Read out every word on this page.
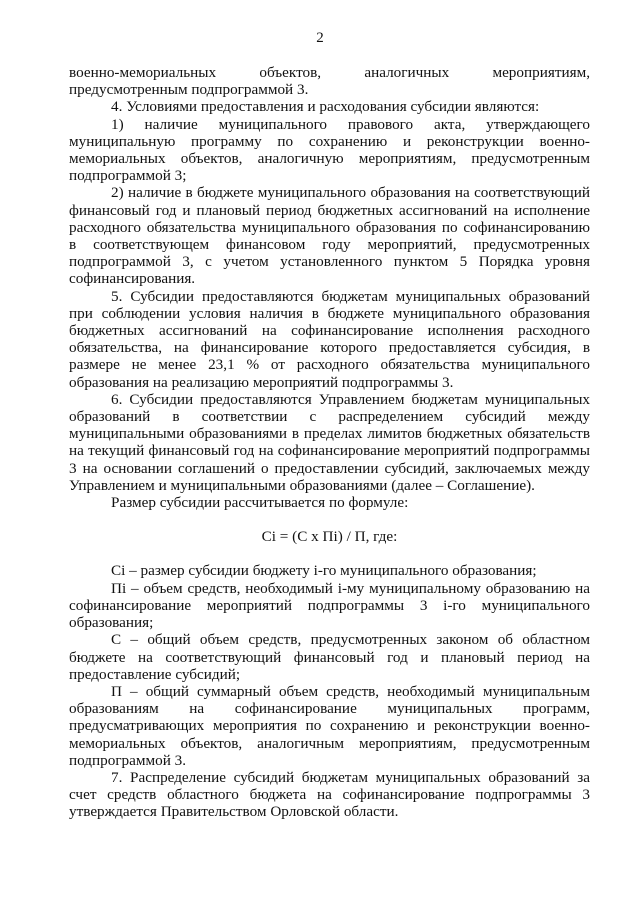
2

военно-мемориальных объектов, аналогичных мероприятиям, предусмотренным подпрограммой 3.

4. Условиями предоставления и расходования субсидии являются:

1) наличие муниципального правового акта, утверждающего муниципальную программу по сохранению и реконструкции военно-мемориальных объектов, аналогичную мероприятиям, предусмотренным подпрограммой 3;

2) наличие в бюджете муниципального образования на соответствующий финансовый год и плановый период бюджетных ассигнований на исполнение расходного обязательства муниципального образования по софинансированию в соответствующем финансовом году мероприятий, предусмотренных подпрограммой 3, с учетом установленного пунктом 5 Порядка уровня софинансирования.

5. Субсидии предоставляются бюджетам муниципальных образований при соблюдении условия наличия в бюджете муниципального образования бюджетных ассигнований на софинансирование исполнения расходного обязательства, на финансирование которого предоставляется субсидия, в размере не менее 23,1 % от расходного обязательства муниципального образования на реализацию мероприятий подпрограммы 3.

6. Субсидии предоставляются Управлением бюджетам муниципальных образований в соответствии с распределением субсидий между муниципальными образованиями в пределах лимитов бюджетных обязательств на текущий финансовый год на софинансирование мероприятий подпрограммы 3 на основании соглашений о предоставлении субсидий, заключаемых между Управлением и муниципальными образованиями (далее – Соглашение).

Размер субсидии рассчитывается по формуле:

Ci = (С х Пi) / П, где:

Ci – размер субсидии бюджету i-го муниципального образования;

Пi – объем средств, необходимый i-му муниципальному образованию на софинансирование мероприятий подпрограммы 3 i-го муниципального образования;

С – общий объем средств, предусмотренных законом об областном бюджете на соответствующий финансовый год и плановый период на предоставление субсидий;

П – общий суммарный объем средств, необходимый муниципальным образованиям на софинансирование муниципальных программ, предусматривающих мероприятия по сохранению и реконструкции военно-мемориальных объектов, аналогичным мероприятиям, предусмотренным подпрограммой 3.

7. Распределение субсидий бюджетам муниципальных образований за счет средств областного бюджета на софинансирование подпрограммы 3 утверждается Правительством Орловской области.
